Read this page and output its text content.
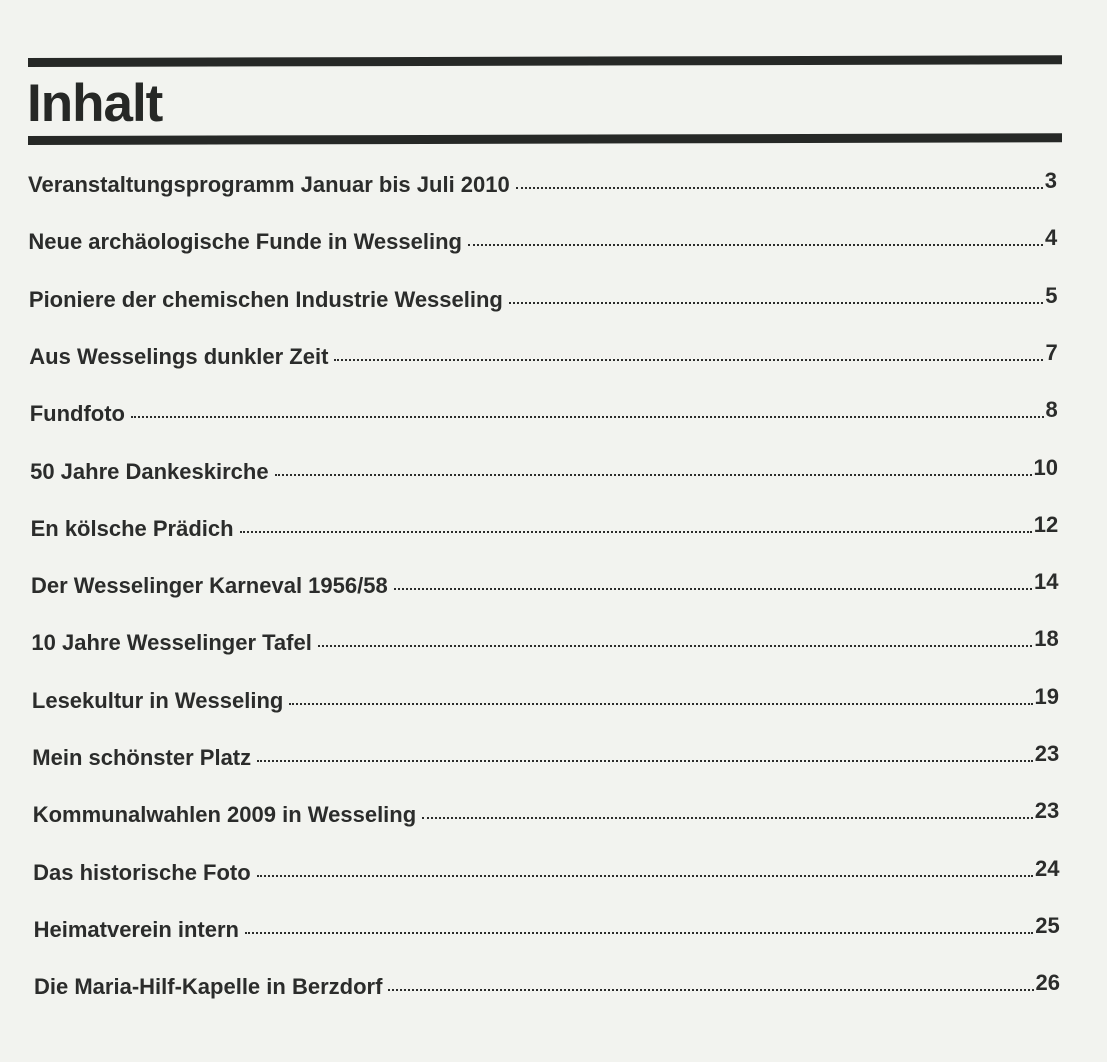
Inhalt
Veranstaltungsprogramm Januar bis Juli 2010	3
Neue archäologische Funde in Wesseling	4
Pioniere der chemischen Industrie Wesseling	5
Aus Wesselings dunkler Zeit	7
Fundfoto	8
50 Jahre Dankeskirche	10
En kölsche Prädich	12
Der Wesselinger Karneval 1956/58	14
10 Jahre Wesselinger Tafel	18
Lesekultur in Wesseling	19
Mein schönster Platz	23
Kommunalwahlen 2009 in Wesseling	23
Das historische Foto	24
Heimatverein intern	25
Die Maria-Hilf-Kapelle in Berzdorf	26
